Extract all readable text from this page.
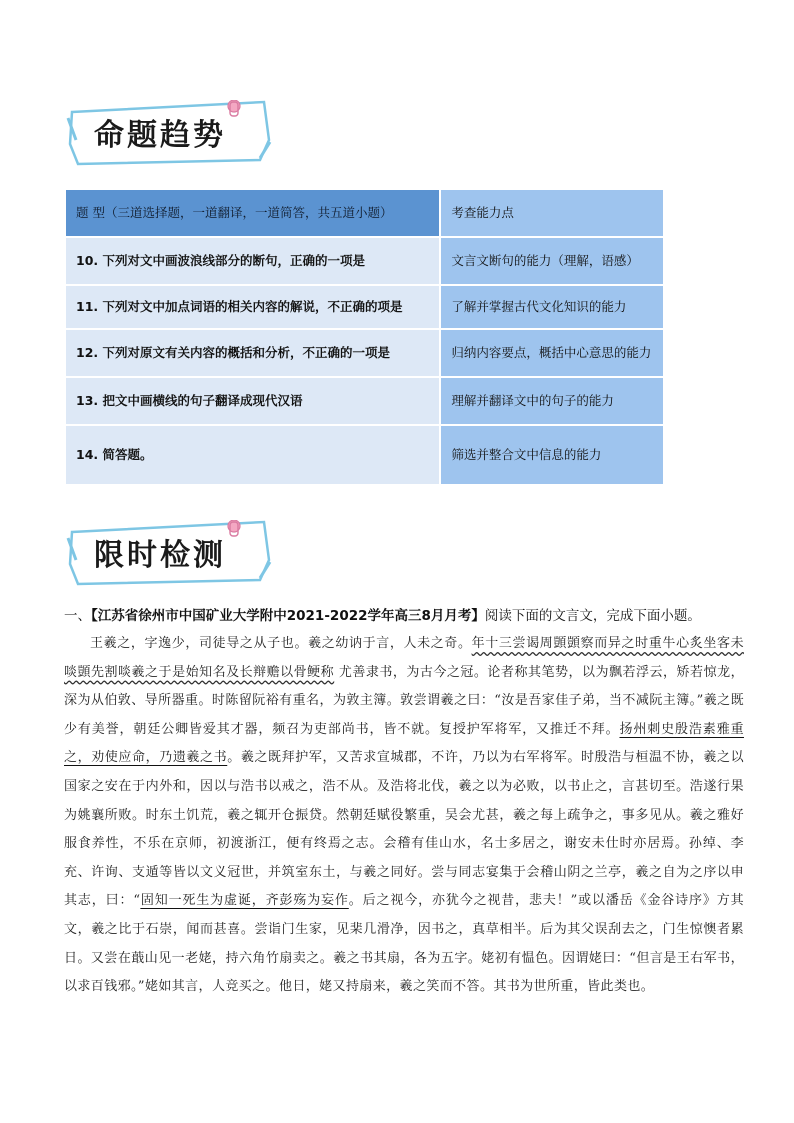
命题趋势
题 型（三道选择题，一道翻译，一道简答，共五道小题）	考查能力点
10. 下列对文中画波浪线部分的断句，正确的一项是	文言文断句的能力（理解，语感）
11. 下列对文中加点词语的相关内容的解说，不正确的项是	了解并掌握古代文化知识的能力
12. 下列对原文有关内容的概括和分析，不正确的一项是	归纳内容要点，概括中心意思的能力
13. 把文中画横线的句子翻译成现代汉语	理解并翻译文中的句子的能力
14. 简答题。	筛选并整合文中信息的能力
限时检测

一、【江苏省徐州市中国矿业大学附中2021-2022学年高三8月月考】阅读下面的文言文，完成下面小题。

王羲之，字逸少，司徒导之从子也。羲之幼讷于言，人未之奇。年十三尝谒周顗顗察而异之时重牛心炙坐客未啖顗先割啖羲之于是始知名及长辩赡以骨鲠称 尤善隶书，为古今之冠。论者称其笔势，以为飘若浮云，矫若惊龙，深为从伯敦、导所器重。时陈留阮裕有重名，为敦主簿。敦尝谓羲之曰：“汝是吾家佳子弟，当不减阮主簿。”羲之既少有美誉，朝廷公卿皆爱其才器，频召为吏部尚书，皆不就。复授护军将军，又推迁不拜。扬州刺史殷浩素雅重之，劝使应命，乃遗羲之书。羲之既拜护军，又苦求宣城郡，不许，乃以为右军将军。时殷浩与桓温不协，羲之以国家之安在于内外和，因以与浩书以戒之，浩不从。及浩将北伐，羲之以为必败，以书止之，言甚切至。浩遂行果为姚襄所败。时东土饥荒，羲之辄开仓振贷。然朝廷赋役繁重，吴会尤甚，羲之每上疏争之，事多见从。羲之雅好服食养性，不乐在京师，初渡浙江，便有终焉之志。会稽有佳山水，名士多居之，谢安未仕时亦居焉。孙绰、李充、许询、支遁等皆以文义冠世，并筑室东土，与羲之同好。尝与同志宴集于会稽山阴之兰亭，羲之自为之序以申其志，曰：“固知一死生为虚诞，齐彭殇为妄作。后之视今，亦犹今之视昔，悲夫！”或以潘岳《金谷诗序》方其文，羲之比于石崇，闻而甚喜。尝诣门生家，见棐几滑净，因书之，真草相半。后为其父误刮去之，门生惊懊者累日。又尝在蕺山见一老姥，持六角竹扇卖之。羲之书其扇，各为五字。姥初有愠色。因谓姥曰：“但言是王右军书，以求百钱邪。”姥如其言，人竞买之。他日，姥又持扇来，羲之笑而不答。其书为世所重，皆此类也。
